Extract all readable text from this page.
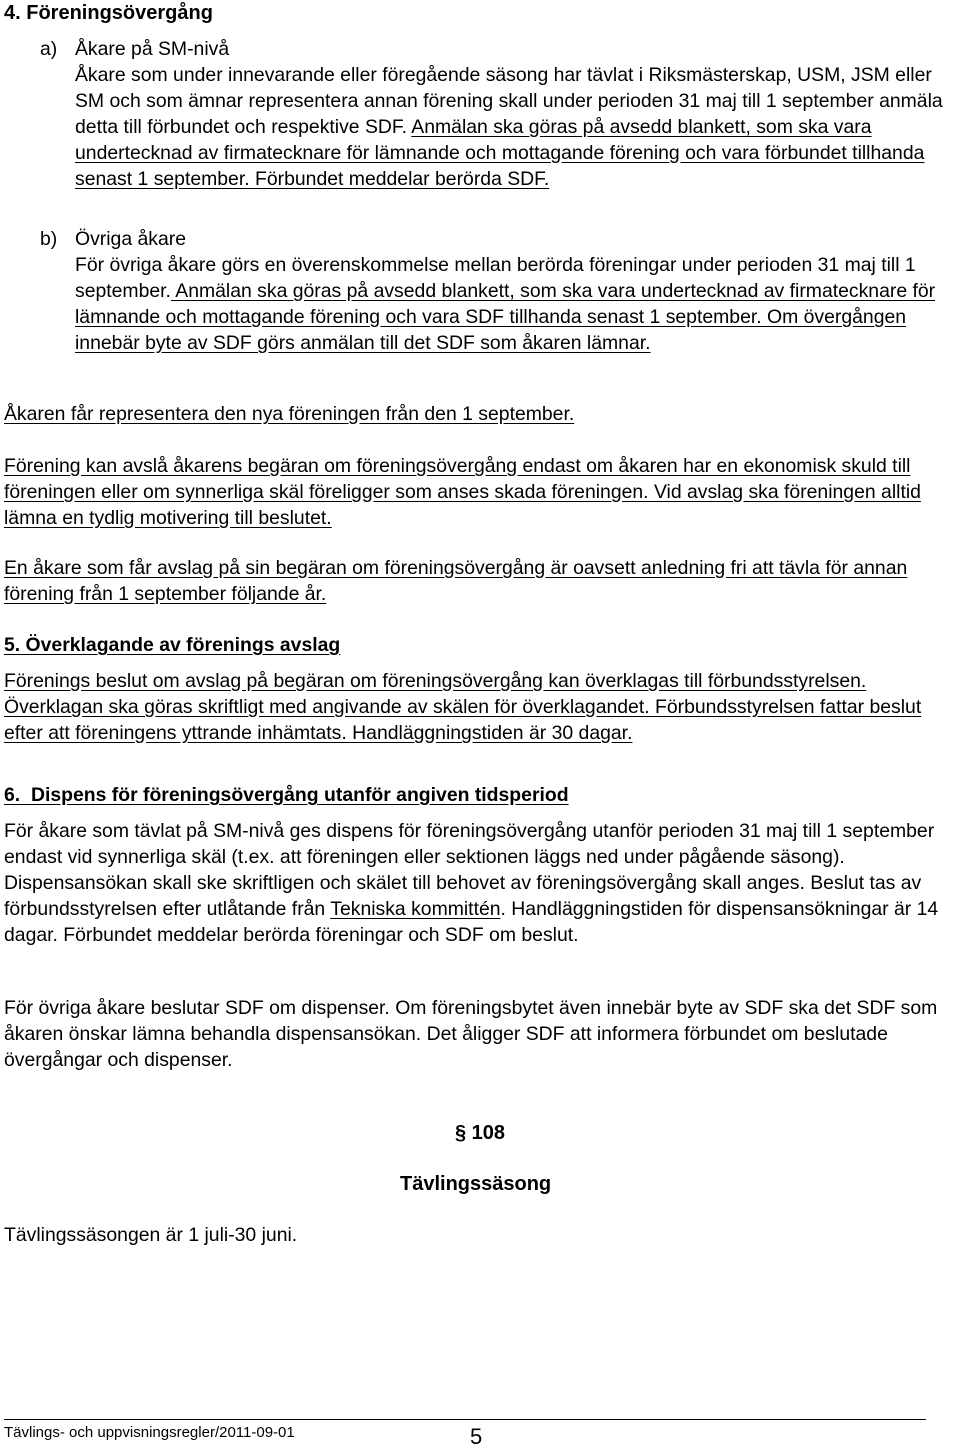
4. Föreningsövergång
a) Åkare på SM-nivå

Åkare som under innevarande eller föregående säsong har tävlat i Riksmästerskap, USM, JSM eller SM och som ämnar representera annan förening skall under perioden 31 maj till 1 september anmäla detta till förbundet och respektive SDF. Anmälan ska göras på avsedd blankett, som ska vara undertecknad av firmatecknare för lämnande och mottagande förening och vara förbundet tillhanda senast 1 september. Förbundet meddelar berörda SDF.

b) Övriga åkare

För övriga åkare görs en överenskommelse mellan berörda föreningar under perioden 31 maj till 1 september. Anmälan ska göras på avsedd blankett, som ska vara undertecknad av firmatecknare för lämnande och mottagande förening och vara SDF tillhanda senast 1 september. Om övergången innebär byte av SDF görs anmälan till det SDF som åkaren lämnar.

Åkaren får representera den nya föreningen från den 1 september.

Förening kan avslå åkarens begäran om föreningsövergång endast om åkaren har en ekonomisk skuld till föreningen eller om synnerliga skäl föreligger som anses skada föreningen. Vid avslag ska föreningen alltid lämna en tydlig motivering till beslutet.

En åkare som får avslag på sin begäran om föreningsövergång är oavsett anledning fri att tävla för annan förening från 1 september följande år.

5. Överklagande av förenings avslag

Förenings beslut om avslag på begäran om föreningsövergång kan överklagas till förbundsstyrelsen. Överklagan ska göras skriftligt med angivande av skälen för överklagandet. Förbundsstyrelsen fattar beslut efter att föreningens yttrande inhämtats. Handläggningstiden är 30 dagar.

6.  Dispens för föreningsövergång utanför angiven tidsperiod

För åkare som tävlat på SM-nivå ges dispens för föreningsövergång utanför perioden 31 maj till 1 september endast vid synnerliga skäl (t.ex. att föreningen eller sektionen läggs ned under pågående säsong). Dispensansökan skall ske skriftligen och skälet till behovet av föreningsövergång skall anges. Beslut tas av förbundsstyrelsen efter utlåtande från Tekniska kommittén. Handläggningstiden för dispensansökningar är 14 dagar. Förbundet meddelar berörda föreningar och SDF om beslut.

För övriga åkare beslutar SDF om dispenser. Om föreningsbytet även innebär byte av SDF ska det SDF som åkaren önskar lämna behandla dispensansökan. Det åligger SDF att informera förbundet om beslutade övergångar och dispenser.

§ 108
Tävlingssäsong

Tävlingssäsongen är 1 juli-30 juni.

Tävlings- och uppvisningsregler/2011-09-01	5
